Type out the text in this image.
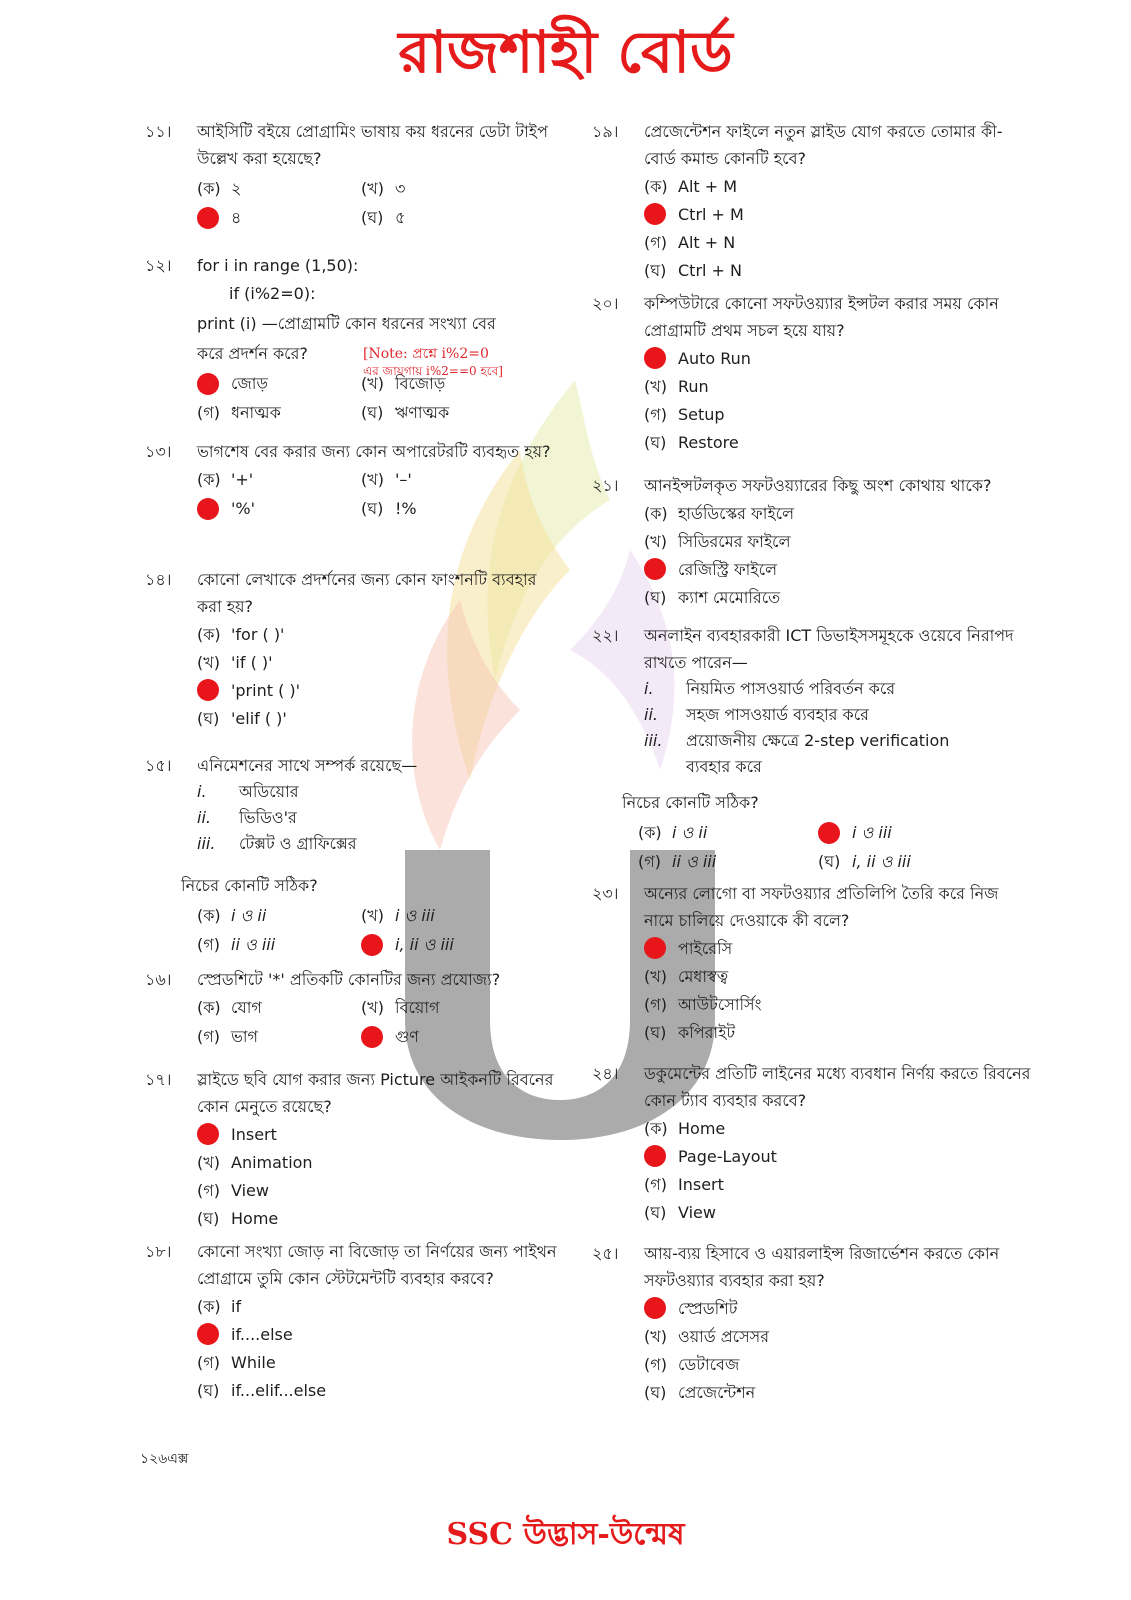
রাজশাহী বোর্ড
১১।	আইসিটি বইয়ে প্রোগ্রামিং ভাষায় কয় ধরনের ডেটা টাইপ উল্লেখ করা হয়েছে?
(ক) ২	(খ) ৩
৪	(ঘ) ৫
১২।	for i in range (1,50):
if (i%2=0):
print (i) —প্রোগ্রামটি কোন ধরনের সংখ্যা বের করে প্রদর্শন করে?	[Note: প্রশ্নে i%2=0
এর জায়গায় i%2==0 হবে]
জোড়	(খ) বিজোড়
(গ) ধনাত্মক	(ঘ) ঋণাত্মক
১৩।	ভাগশেষ বের করার জন্য কোন অপারেটরটি ব্যবহৃত হয়?
(ক) '+'	(খ) '–'
'%'	(ঘ) !%
১৪।	কোনো লেখাকে প্রদর্শনের জন্য কোন ফাংশনটি ব্যবহার করা হয়?
(ক) 'for ( )'
(খ) 'if ( )'
'print ( )'
(ঘ) 'elif ( )'
১৫।	এনিমেশনের সাথে সম্পর্ক রয়েছে—
i.	অডিয়োর
ii.	ভিডিও'র
iii.	টেক্সট ও গ্রাফিক্সের
নিচের কোনটি সঠিক?
(ক) i ও ii	(খ) i ও iii
(গ) ii ও iii	i, ii ও iii
১৬।	স্প্রেডশিটে '*' প্রতিকটি কোনটির জন্য প্রযোজ্য?
(ক) যোগ	(খ) বিয়োগ
(গ) ভাগ	গুণ
১৭।	স্লাইডে ছবি যোগ করার জন্য Picture আইকনটি রিবনের কোন মেনুতে রয়েছে?
Insert
(খ) Animation
(গ) View
(ঘ) Home
১৮।	কোনো সংখ্যা জোড় না বিজোড় তা নির্ণয়ের জন্য পাইথন প্রোগ্রামে তুমি কোন স্টেটমেন্টটি ব্যবহার করবে?
(ক) if
if....else
(গ) While
(ঘ) if...elif...else
১৯।	প্রেজেন্টেশন ফাইলে নতুন স্লাইড যোগ করতে তোমার কী-বোর্ড কমান্ড কোনটি হবে?
(ক) Alt + M
Ctrl + M
(গ) Alt + N
(ঘ) Ctrl + N
২০।	কম্পিউটারে কোনো সফটওয়্যার ইন্সটল করার সময় কোন প্রোগ্রামটি প্রথম সচল হয়ে যায়?
Auto Run
(খ) Run
(গ) Setup
(ঘ) Restore
২১।	আনইন্সটলকৃত সফটওয়্যারের কিছু অংশ কোথায় থাকে?
(ক) হার্ডডিস্কের ফাইলে
(খ) সিডিরমের ফাইলে
রেজিস্ট্রি ফাইলে
(ঘ) ক্যাশ মেমোরিতে
২২।	অনলাইন ব্যবহারকারী ICT ডিভাইসসমূহকে ওয়েবে নিরাপদ রাখতে পারেন—
i.	নিয়মিত পাসওয়ার্ড পরিবর্তন করে
ii.	সহজ পাসওয়ার্ড ব্যবহার করে
iii.	প্রয়োজনীয় ক্ষেত্রে 2-step verification ব্যবহার করে
নিচের কোনটি সঠিক?
(ক) i ও ii	i ও iii
(গ) ii ও iii	(ঘ) i, ii ও iii
২৩।	অন্যের লোগো বা সফটওয়্যার প্রতিলিপি তৈরি করে নিজ নামে চালিয়ে দেওয়াকে কী বলে?
পাইরেসি
(খ) মেধাস্বত্ব
(গ) আউটসোর্সিং
(ঘ) কপিরাইট
২৪।	ডকুমেন্টের প্রতিটি লাইনের মধ্যে ব্যবধান নির্ণয় করতে রিবনের কোন ট্যাব ব্যবহার করবে?
(ক) Home
Page-Layout
(গ) Insert
(ঘ) View
২৫।	আয়-ব্যয় হিসাবে ও এয়ারলাইন্স রিজার্ভেশন করতে কোন সফটওয়্যার ব্যবহার করা হয়?
স্প্রেডশিট
(খ) ওয়ার্ড প্রসেসর
(গ) ডেটাবেজ
(ঘ) প্রেজেন্টেশন
১২৬এক্স
SSC উদ্ভাস-উন্মেষ
